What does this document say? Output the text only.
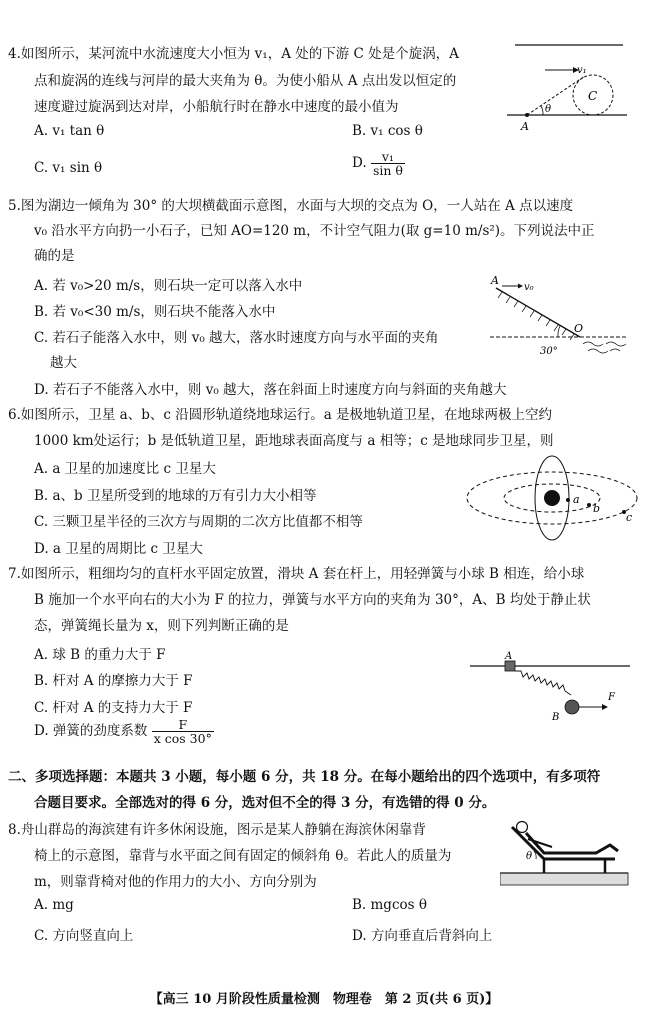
4.如图所示，某河流中水流速度大小恒为 v₁，A 处的下游 C 处是个旋涡，A
点和旋涡的连线与河岸的最大夹角为 θ。为使小船从 A 点出发以恒定的
速度避过旋涡到达对岸，小船航行时在静水中速度的最小值为
A. v₁ tan θ	B. v₁ cos θ
C. v₁ sin θ	D. $\frac{\text{v₁}}{\text{sin θ}}$
v₁
C
θ
A
5.图为湖边一倾角为 30° 的大坝横截面示意图，水面与大坝的交点为 O，一人站在 A 点以速度
v₀ 沿水平方向扔一小石子，已知 AO=120 m，不计空气阻力(取 g=10 m/s²)。下列说法中正
确的是
A. 若 v₀>20 m/s，则石块一定可以落入水中
B. 若 v₀<30 m/s，则石块不能落入水中
C. 若石子能落入水中，则 v₀ 越大，落水时速度方向与水平面的夹角
越大
D. 若石子不能落入水中，则 v₀ 越大，落在斜面上时速度方向与斜面的夹角越大
A
v₀
O
30°
6.如图所示，卫星 a、b、c 沿圆形轨道绕地球运行。a 是极地轨道卫星，在地球两极上空约
1000 km处运行；b 是低轨道卫星，距地球表面高度与 a 相等；c 是地球同步卫星，则
A. a 卫星的加速度比 c 卫星大
B. a、b 卫星所受到的地球的万有引力大小相等
C. 三颗卫星半径的三次方与周期的二次方比值都不相等
D. a 卫星的周期比 c 卫星大
a
b
c
7.如图所示，粗细均匀的直杆水平固定放置，滑块 A 套在杆上，用轻弹簧与小球 B 相连，给小球
B 施加一个水平向右的大小为 F 的拉力，弹簧与水平方向的夹角为 30°，A、B 均处于静止状
态，弹簧绳长量为 x，则下列判断正确的是
A. 球 B 的重力大于 F
B. 杆对 A 的摩擦力大于 F
C. 杆对 A 的支持力大于 F
D. 弹簧的劲度系数 $\frac{F}{\text{x cos 30°}}$
A
B
F
二、多项选择题：本题共 3 小题，每小题 6 分，共 18 分。在每小题给出的四个选项中，有多项符
合题目要求。全部选对的得 6 分，选对但不全的得 3 分，有选错的得 0 分。
8.舟山群岛的海滨建有许多休闲设施，图示是某人静躺在海滨休闲靠背
椅上的示意图，靠背与水平面之间有固定的倾斜角 θ。若此人的质量为
m，则靠背椅对他的作用力的大小、方向分别为
A. mg	B. mgcos θ
C. 方向竖直向上	D. 方向垂直后背斜向上
θ
【高三 10 月阶段性质量检测　物理卷　第 2 页(共 6 页)】
